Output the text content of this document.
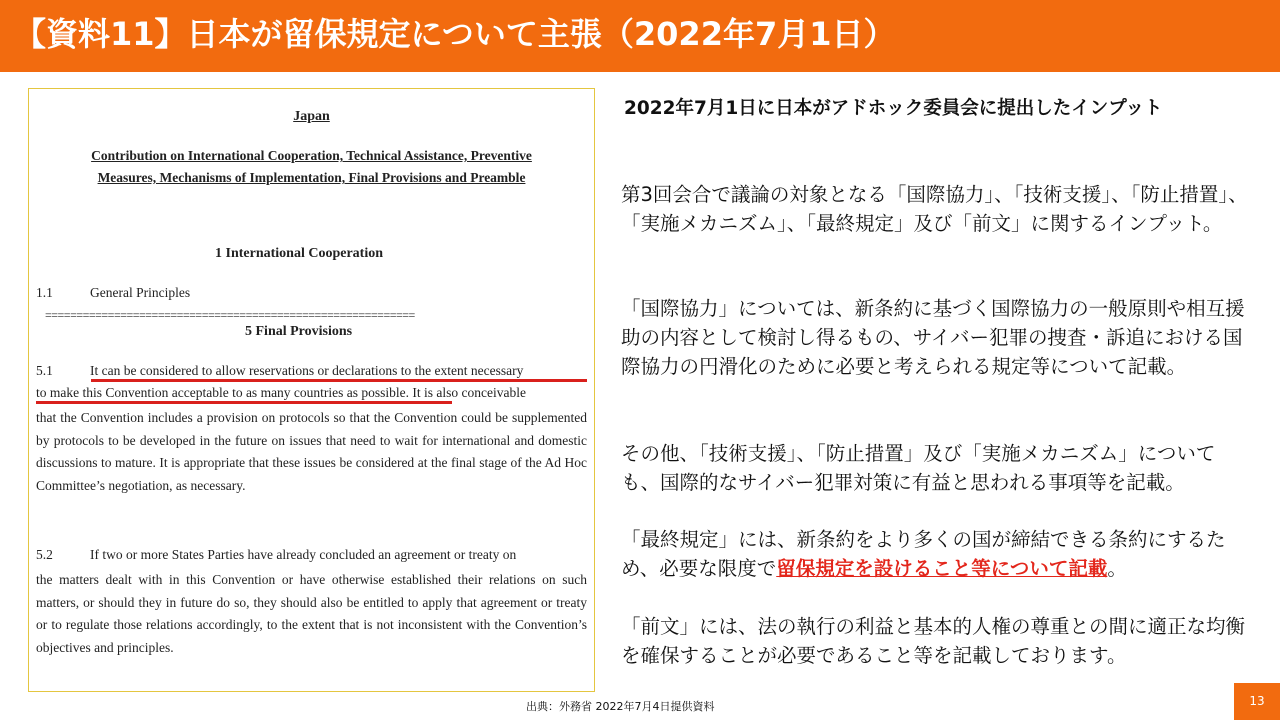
【資料11】日本が留保規定について主張（2022年7月1日）
Japan
Contribution on International Cooperation, Technical Assistance, Preventive
Measures, Mechanisms of Implementation, Final Provisions and Preamble
1 International Cooperation
1.1	General Principles
===========================================================
5 Final Provisions
5.1	It can be considered to allow reservations or declarations to the extent necessary
to make this Convention acceptable to as many countries as possible. It is also conceivable
that the Convention includes a provision on protocols so that the Convention could be supplemented by protocols to be developed in the future on issues that need to wait for international and domestic discussions to mature. It is appropriate that these issues be considered at the final stage of the Ad Hoc Committee’s negotiation, as necessary.
5.2	If two or more States Parties have already concluded an agreement or treaty on
the matters dealt with in this Convention or have otherwise established their relations on such matters, or should they in future do so, they should also be entitled to apply that agreement or treaty or to regulate those relations accordingly, to the extent that is not inconsistent with the Convention’s objectives and principles.
2022年7月1日に日本がアドホック委員会に提出したインプット
第3回会合で議論の対象となる「国際協力」、「技術支援」、「防止措置」、「実施メカニズム」、「最終規定」及び「前文」に関するインプット。
「国際協力」については、新条約に基づく国際協力の一般原則や相互援助の内容として検討し得るもの、サイバー犯罪の捜査・訴追における国際協力の円滑化のために必要と考えられる規定等について記載。
その他、「技術支援」、「防止措置」及び「実施メカニズム」についても、国際的なサイバー犯罪対策に有益と思われる事項等を記載。
「最終規定」には、新条約をより多くの国が締結できる条約にするため、必要な限度で留保規定を設けること等について記載。
「前文」には、法の執行の利益と基本的人権の尊重との間に適正な均衡を確保することが必要であること等を記載しております。
出典：外務省 2022年7月4日提供資料	13
